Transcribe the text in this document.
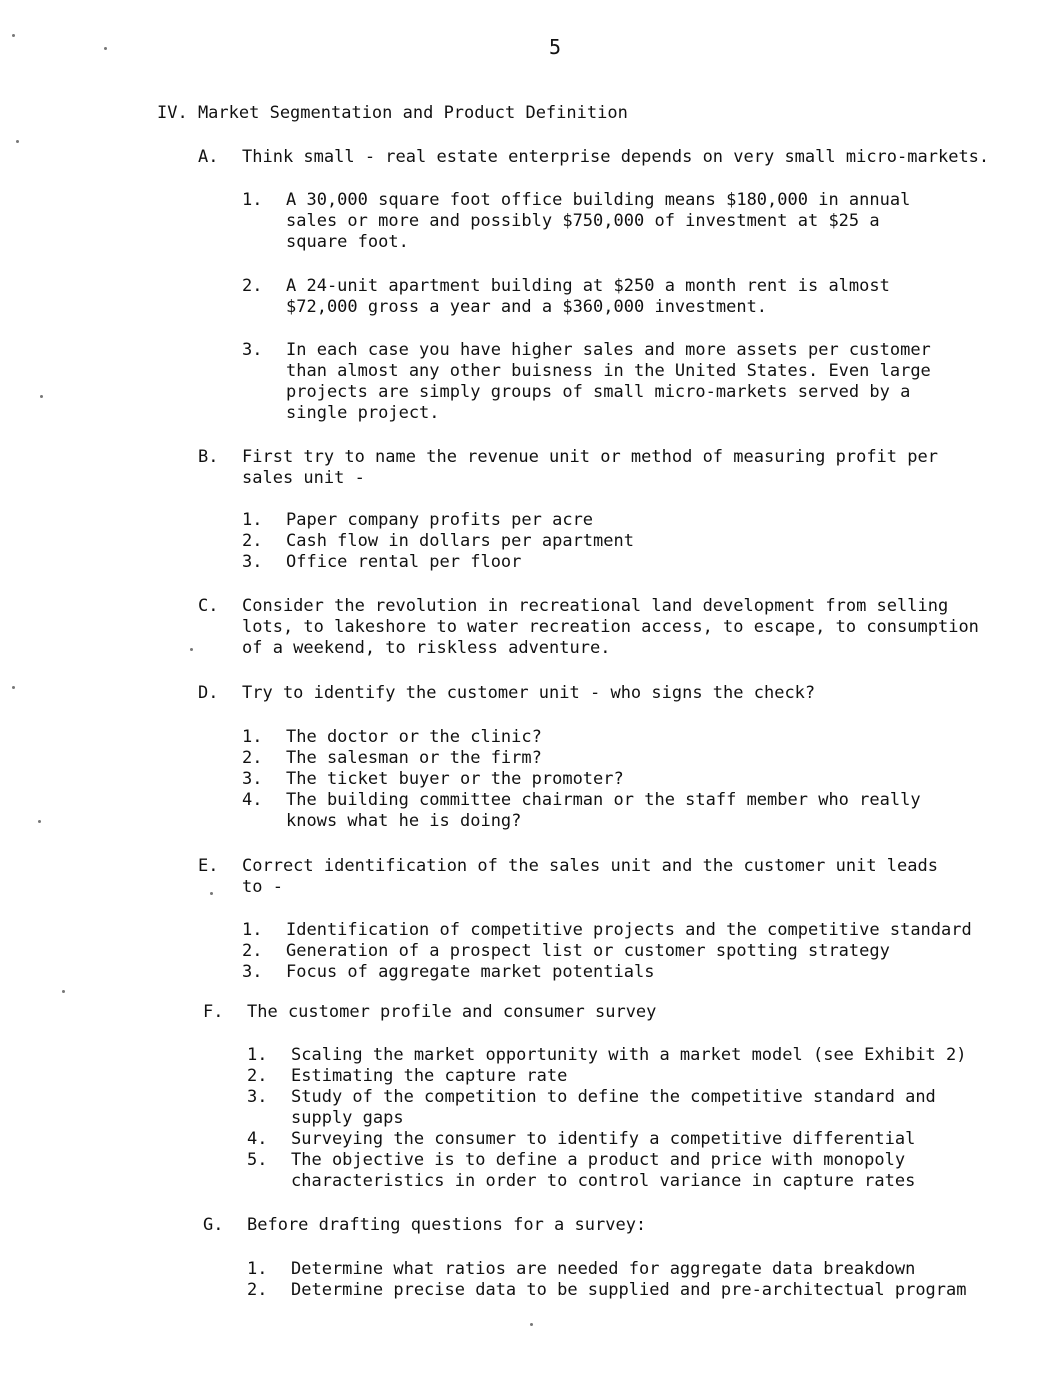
5
IV. Market Segmentation and Product Definition
A. Think small - real estate enterprise depends on very small micro-markets.
1. A 30,000 square foot office building means $180,000 in annual
sales or more and possibly $750,000 of investment at $25 a
square foot.
2. A 24-unit apartment building at $250 a month rent is almost
$72,000 gross a year and a $360,000 investment.
3. In each case you have higher sales and more assets per customer
than almost any other buisness in the United States. Even large
projects are simply groups of small micro-markets served by a
single project.
B. First try to name the revenue unit or method of measuring profit per
sales unit -
1. Paper company profits per acre
2. Cash flow in dollars per apartment
3. Office rental per floor
C. Consider the revolution in recreational land development from selling
lots, to lakeshore to water recreation access, to escape, to consumption
of a weekend, to riskless adventure.
D. Try to identify the customer unit - who signs the check?
1. The doctor or the clinic?
2. The salesman or the firm?
3. The ticket buyer or the promoter?
4. The building committee chairman or the staff member who really
knows what he is doing?
E. Correct identification of the sales unit and the customer unit leads
to -
1. Identification of competitive projects and the competitive standard
2. Generation of a prospect list or customer spotting strategy
3. Focus of aggregate market potentials
F. The customer profile and consumer survey
1. Scaling the market opportunity with a market model (see Exhibit 2)
2. Estimating the capture rate
3. Study of the competition to define the competitive standard and
supply gaps
4. Surveying the consumer to identify a competitive differential
5. The objective is to define a product and price with monopoly
characteristics in order to control variance in capture rates
G. Before drafting questions for a survey:
1. Determine what ratios are needed for aggregate data breakdown
2. Determine precise data to be supplied and pre-architectual program
